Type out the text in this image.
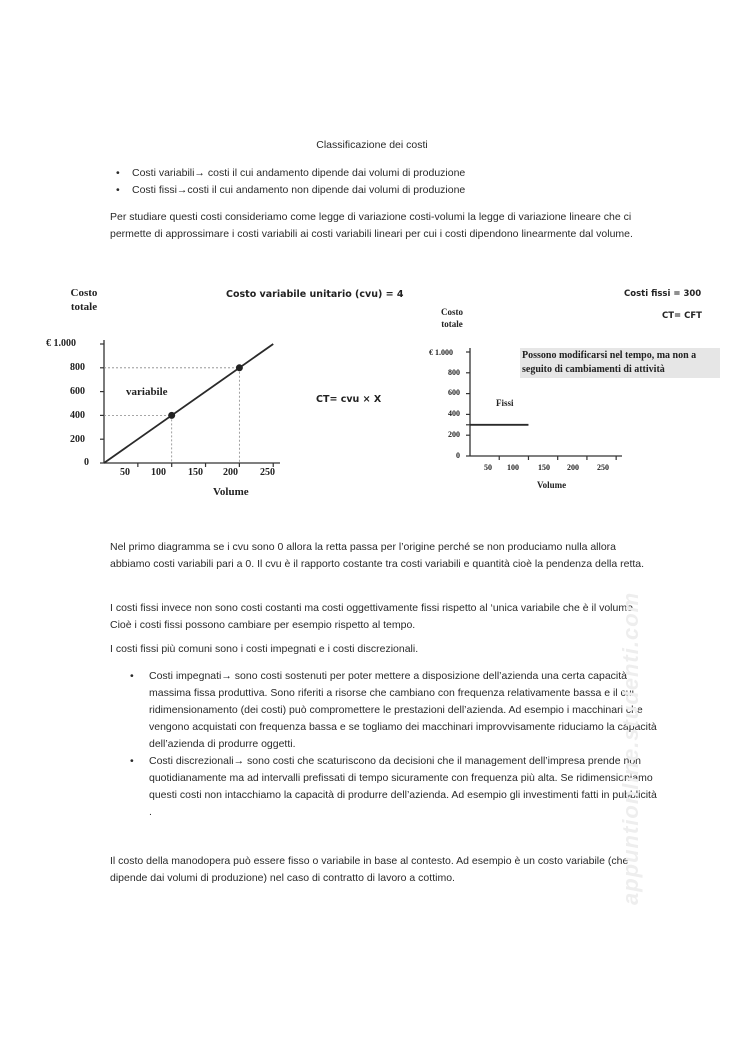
Classificazione dei costi
• Costi variabili→ costi il cui andamento dipende dai volumi di produzione
• Costi fissi→costi il cui andamento non dipende dai volumi di produzione

Per studiare questi costi consideriamo come legge di variazione costi-volumi la legge di variazione lineare che ci permette di approssimare i costi variabili ai costi variabili lineari per cui i costi dipendono linearmente dal volume.

Costo totale
Costo variabile unitario (cvu) = 4
€ 1.000
800
600
400
200
0
50 100 150 200 250
Volume
variabile
CT= cvu × X
Costo totale
Costi fissi = 300
CT= CFT
€ 1.000
800
600
400
200
0
50 100 150 200 250
Volume
Fissi
Possono modificarsi nel tempo, ma non a seguito di cambiamenti di attività

Nel primo diagramma se i cvu sono 0 allora la retta passa per l’origine perché se non produciamo nulla allora abbiamo costi variabili pari a 0. Il cvu è il rapporto costante tra costi variabili e quantità cioè la pendenza della retta.

I costi fissi invece non sono costi costanti ma costi oggettivamente fissi rispetto al ‘unica variabile che è il volume. Cioè i costi fissi possono cambiare per esempio rispetto al tempo.

I costi fissi più comuni sono i costi impegnati e i costi discrezionali.

• Costi impegnati→ sono costi sostenuti per poter mettere a disposizione dell’azienda una certa capacità massima fissa produttiva. Sono riferiti a risorse che cambiano con frequenza relativamente bassa e il cui ridimensionamento (dei costi) può compromettere le prestazioni dell’azienda. Ad esempio i macchinari che vengono acquistati con frequenza bassa e se togliamo dei macchinari improvvisamente riduciamo la capacità dell’azienda di produrre oggetti.
• Costi discrezionali→ sono costi che scaturiscono da decisioni che il management dell’impresa prende non quotidianamente ma ad intervalli prefissati di tempo sicuramente con frequenza più alta. Se ridimensioniamo questi costi non intacchiamo la capacità di produrre dell’azienda. Ad esempio gli investimenti fatti in pubblicità .

Il costo della manodopera può essere fisso o variabile in base al contesto. Ad esempio è un costo variabile (che dipende dai volumi di produzione) nel caso di contratto di lavoro a cottimo.	appuntionline.studenti.com
